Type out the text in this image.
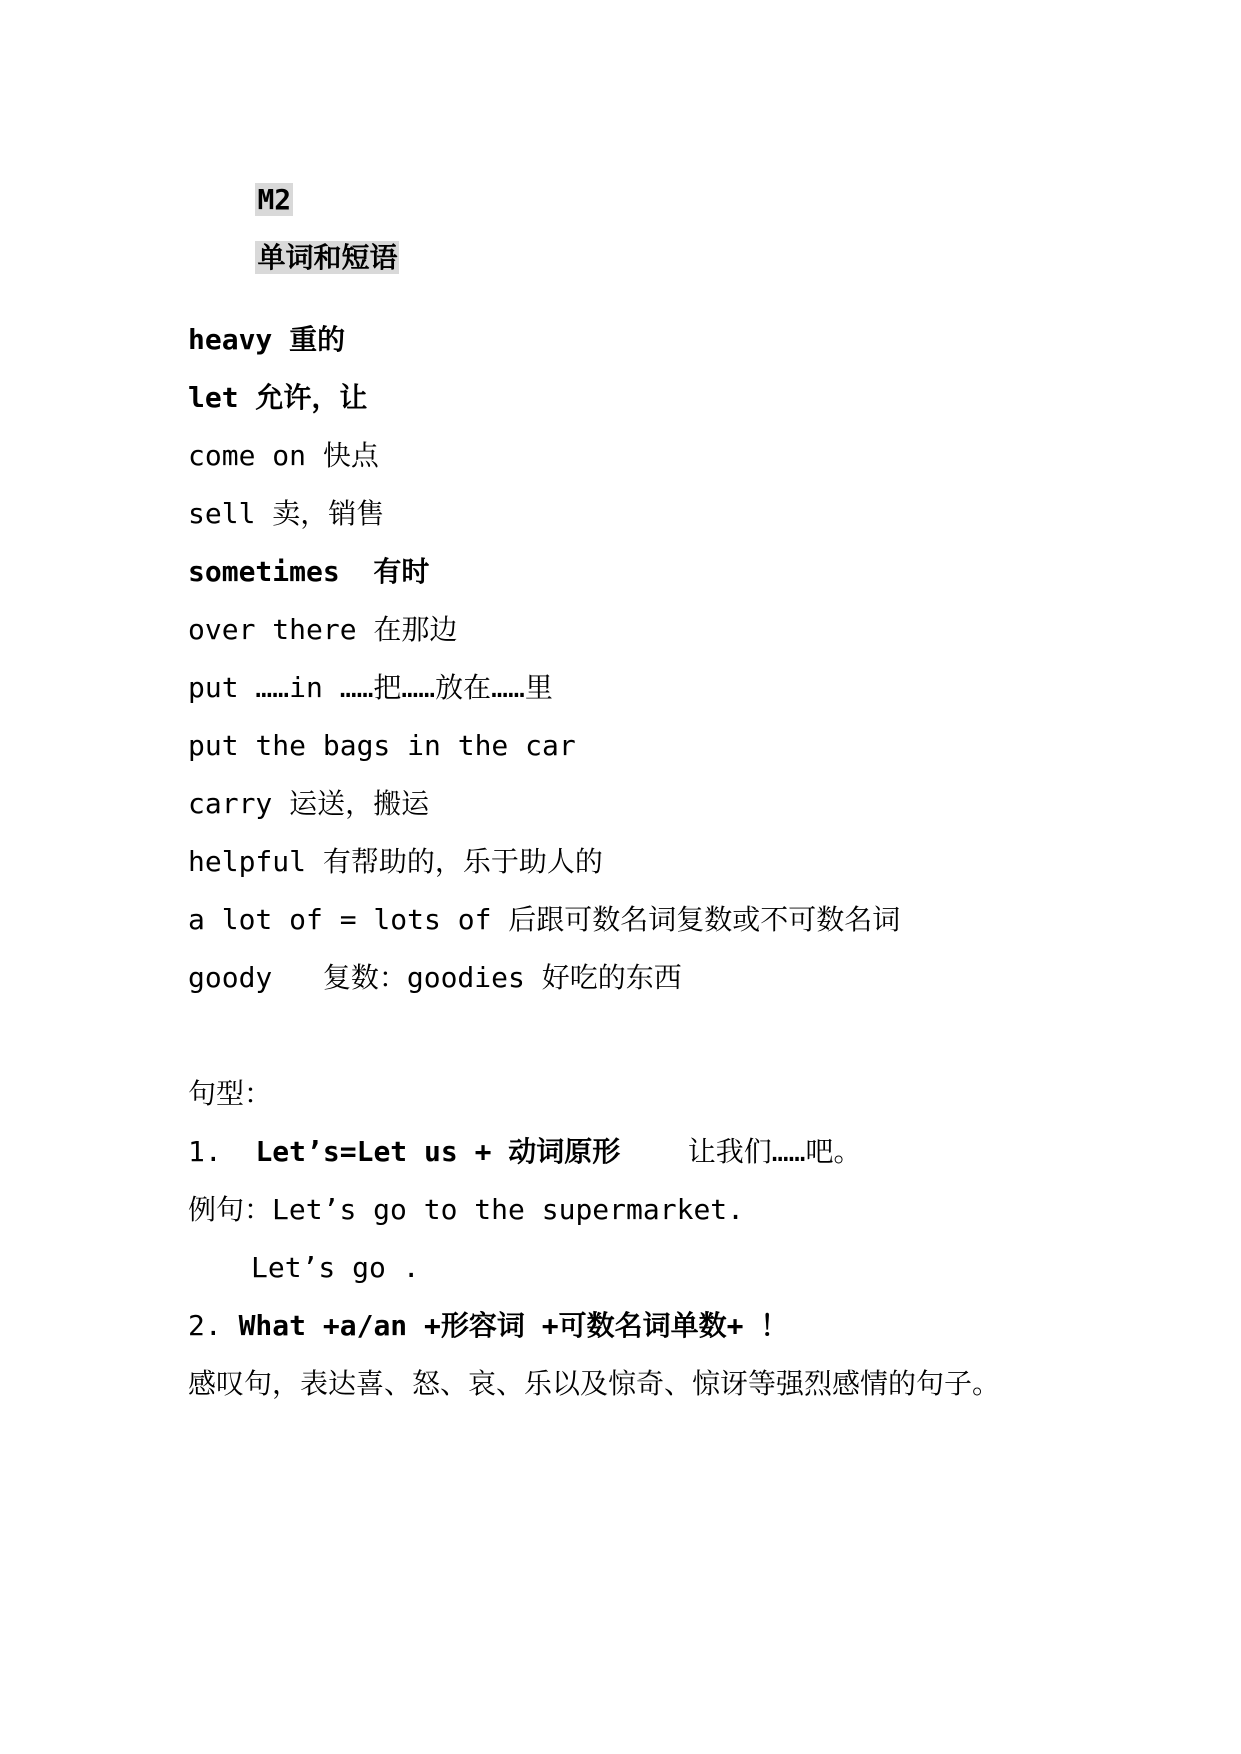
M2

单词和短语

heavy 重的
let 允许，让
come on 快点
sell 卖，销售
sometimes  有时
over there 在那边
put ……in ……把……放在……里
put the bags in the car
carry 运送，搬运
helpful 有帮助的，乐于助人的
a lot of = lots of 后跟可数名词复数或不可数名词
goody   复数：goodies 好吃的东西
句型：
1. Let’s=Let us + 动词原形 让我们……吧。
例句：Let’s go to the supermarket.
Let’s go .
2. What +a/an +形容词 +可数名词单数+ ！
感叹句，表达喜、怒、哀、乐以及惊奇、惊讶等强烈感情的句子。
